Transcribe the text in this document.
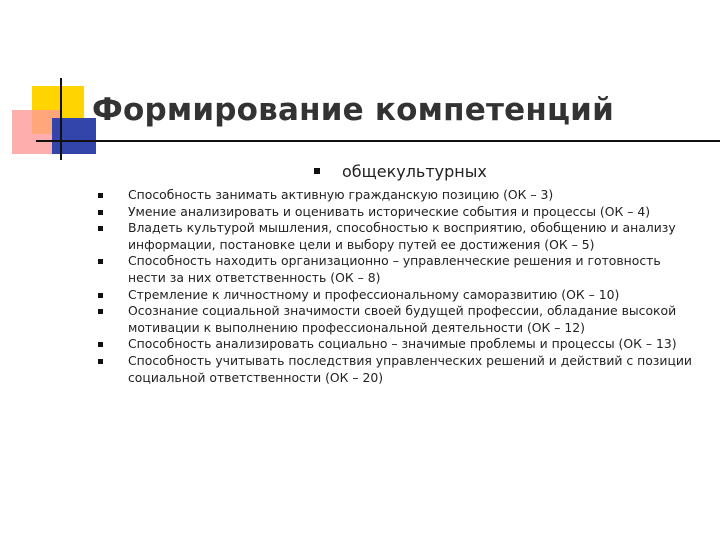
Формирование компетенций
общекультурных
Способность занимать активную гражданскую позицию (ОК – 3)
Умение анализировать и оценивать исторические события и процессы (ОК – 4)
Владеть культурой мышления, способностью к восприятию, обобщению и анализу информации, постановке цели и выбору путей ее достижения (ОК – 5)
Способность находить организационно – управленческие решения и готовность нести за них ответственность (ОК – 8)
Стремление к личностному и профессиональному саморазвитию (ОК – 10)
Осознание социальной значимости своей будущей профессии, обладание высокой мотивации к выполнению профессиональной деятельности (ОК – 12)
Способность анализировать социально – значимые проблемы и процессы (ОК – 13)
Способность учитывать последствия управленческих решений и действий с позиции социальной ответственности (ОК – 20)
